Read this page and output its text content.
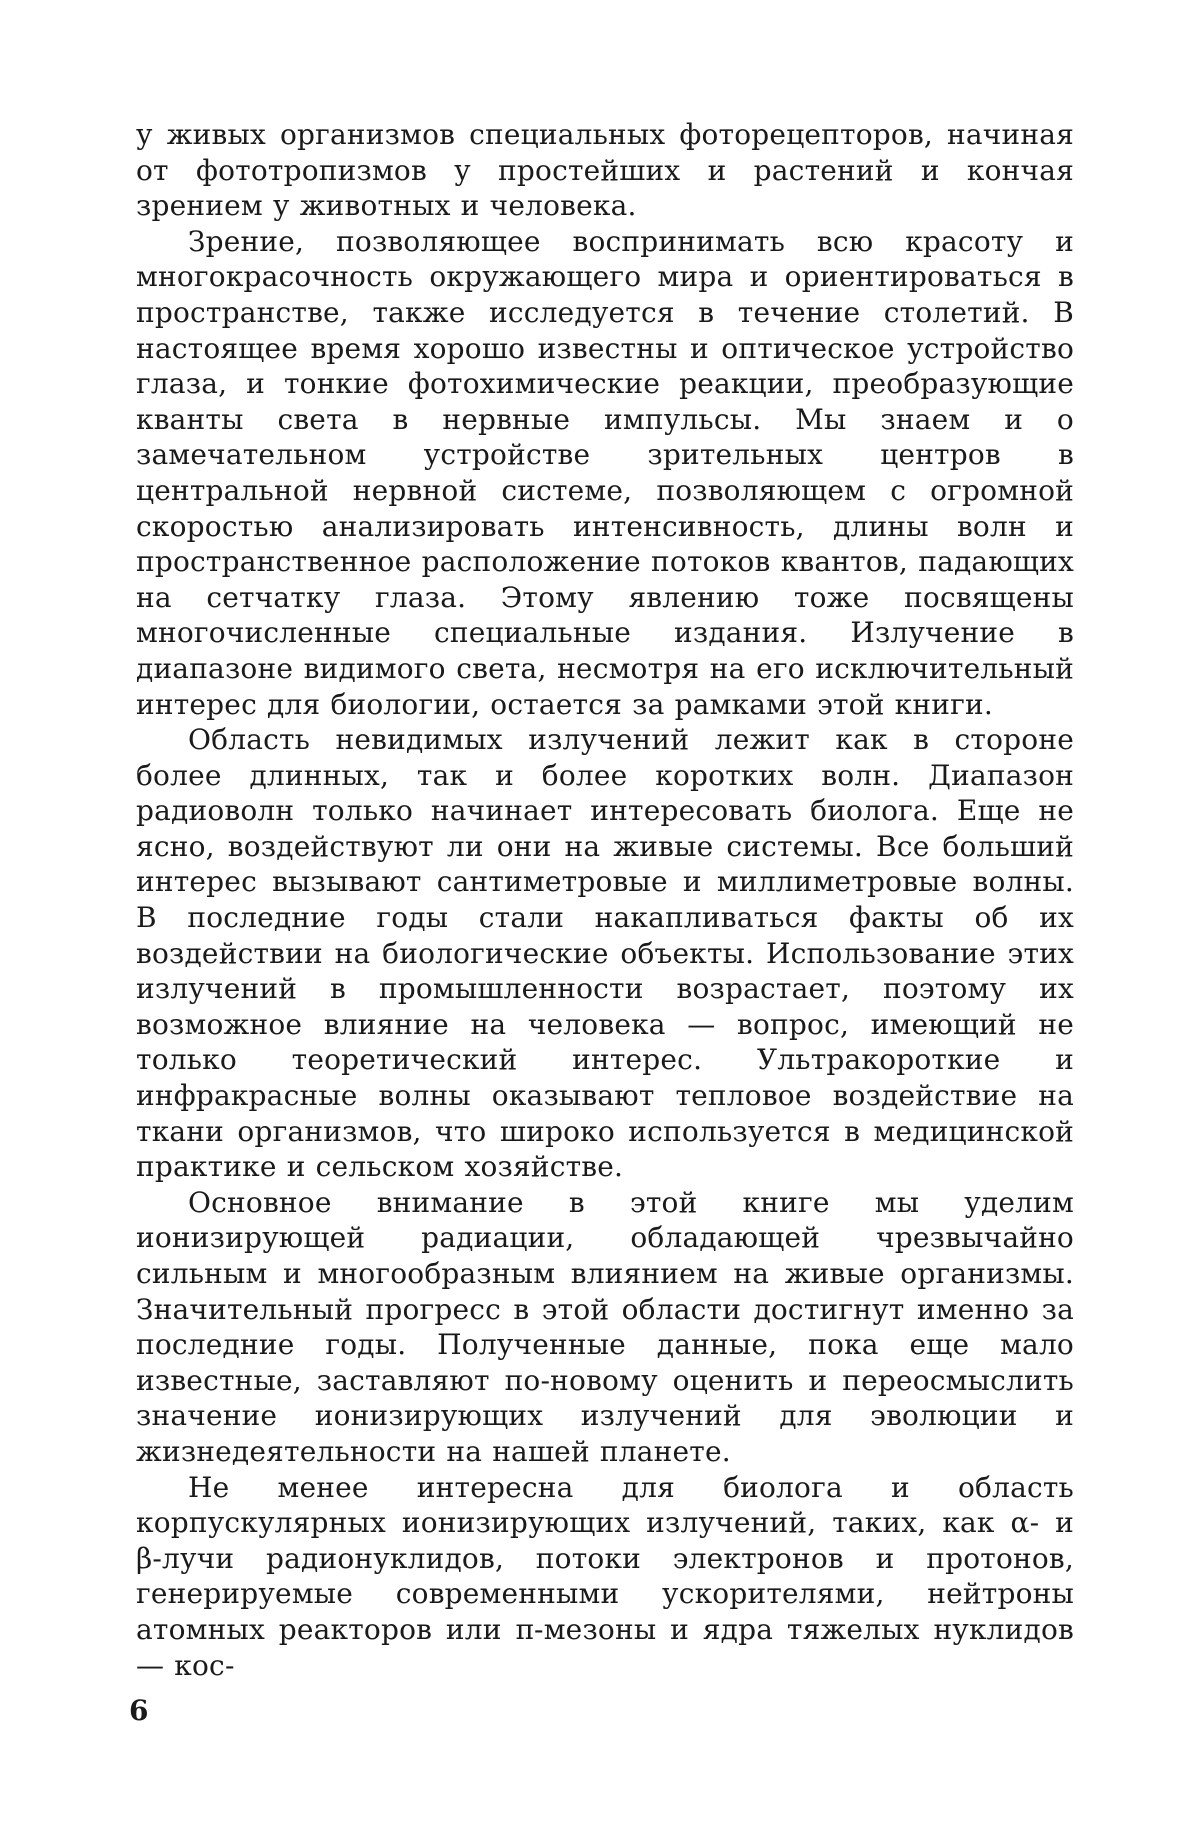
у живых организмов специальных фоторецепторов, начиная от фототропизмов у простейших и растений и кончая зрением у животных и человека.

Зрение, позволяющее воспринимать всю красоту и многокрасочность окружающего мира и ориентироваться в пространстве, также исследуется в течение столетий. В настоящее время хорошо известны и оптическое устройство глаза, и тонкие фотохимические реакции, преобразующие кванты света в нервные импульсы. Мы знаем и о замечательном устройстве зрительных центров в центральной нервной системе, позволяющем с огромной скоростью анализировать интенсивность, длины волн и пространственное расположение потоков квантов, падающих на сетчатку глаза. Этому явлению тоже посвящены многочисленные специальные издания. Излучение в диапазоне видимого света, несмотря на его исключительный интерес для биологии, остается за рамками этой книги.

Область невидимых излучений лежит как в стороне более длинных, так и более коротких волн. Диапазон радиоволн только начинает интересовать биолога. Еще не ясно, воздействуют ли они на живые системы. Все больший интерес вызывают сантиметровые и миллиметровые волны. В последние годы стали накапливаться факты об их воздействии на биологические объекты. Использование этих излучений в промышленности возрастает, поэтому их возможное влияние на человека — вопрос, имеющий не только теоретический интерес. Ультракороткие и инфракрасные волны оказывают тепловое воздействие на ткани организмов, что широко используется в медицинской практике и сельском хозяйстве.

Основное внимание в этой книге мы уделим ионизирующей радиации, обладающей чрезвычайно сильным и многообразным влиянием на живые организмы. Значительный прогресс в этой области достигнут именно за последние годы. Полученные данные, пока еще мало известные, заставляют по-новому оценить и переосмыслить значение ионизирующих излучений для эволюции и жизнедеятельности на нашей планете.

Не менее интересна для биолога и область корпускулярных ионизирующих излучений, таких, как α- и β-лучи радионуклидов, потоки электронов и протонов, генерируемые современными ускорителями, нейтроны атомных реакторов или π-мезоны и ядра тяжелых нуклидов — кос-

6
